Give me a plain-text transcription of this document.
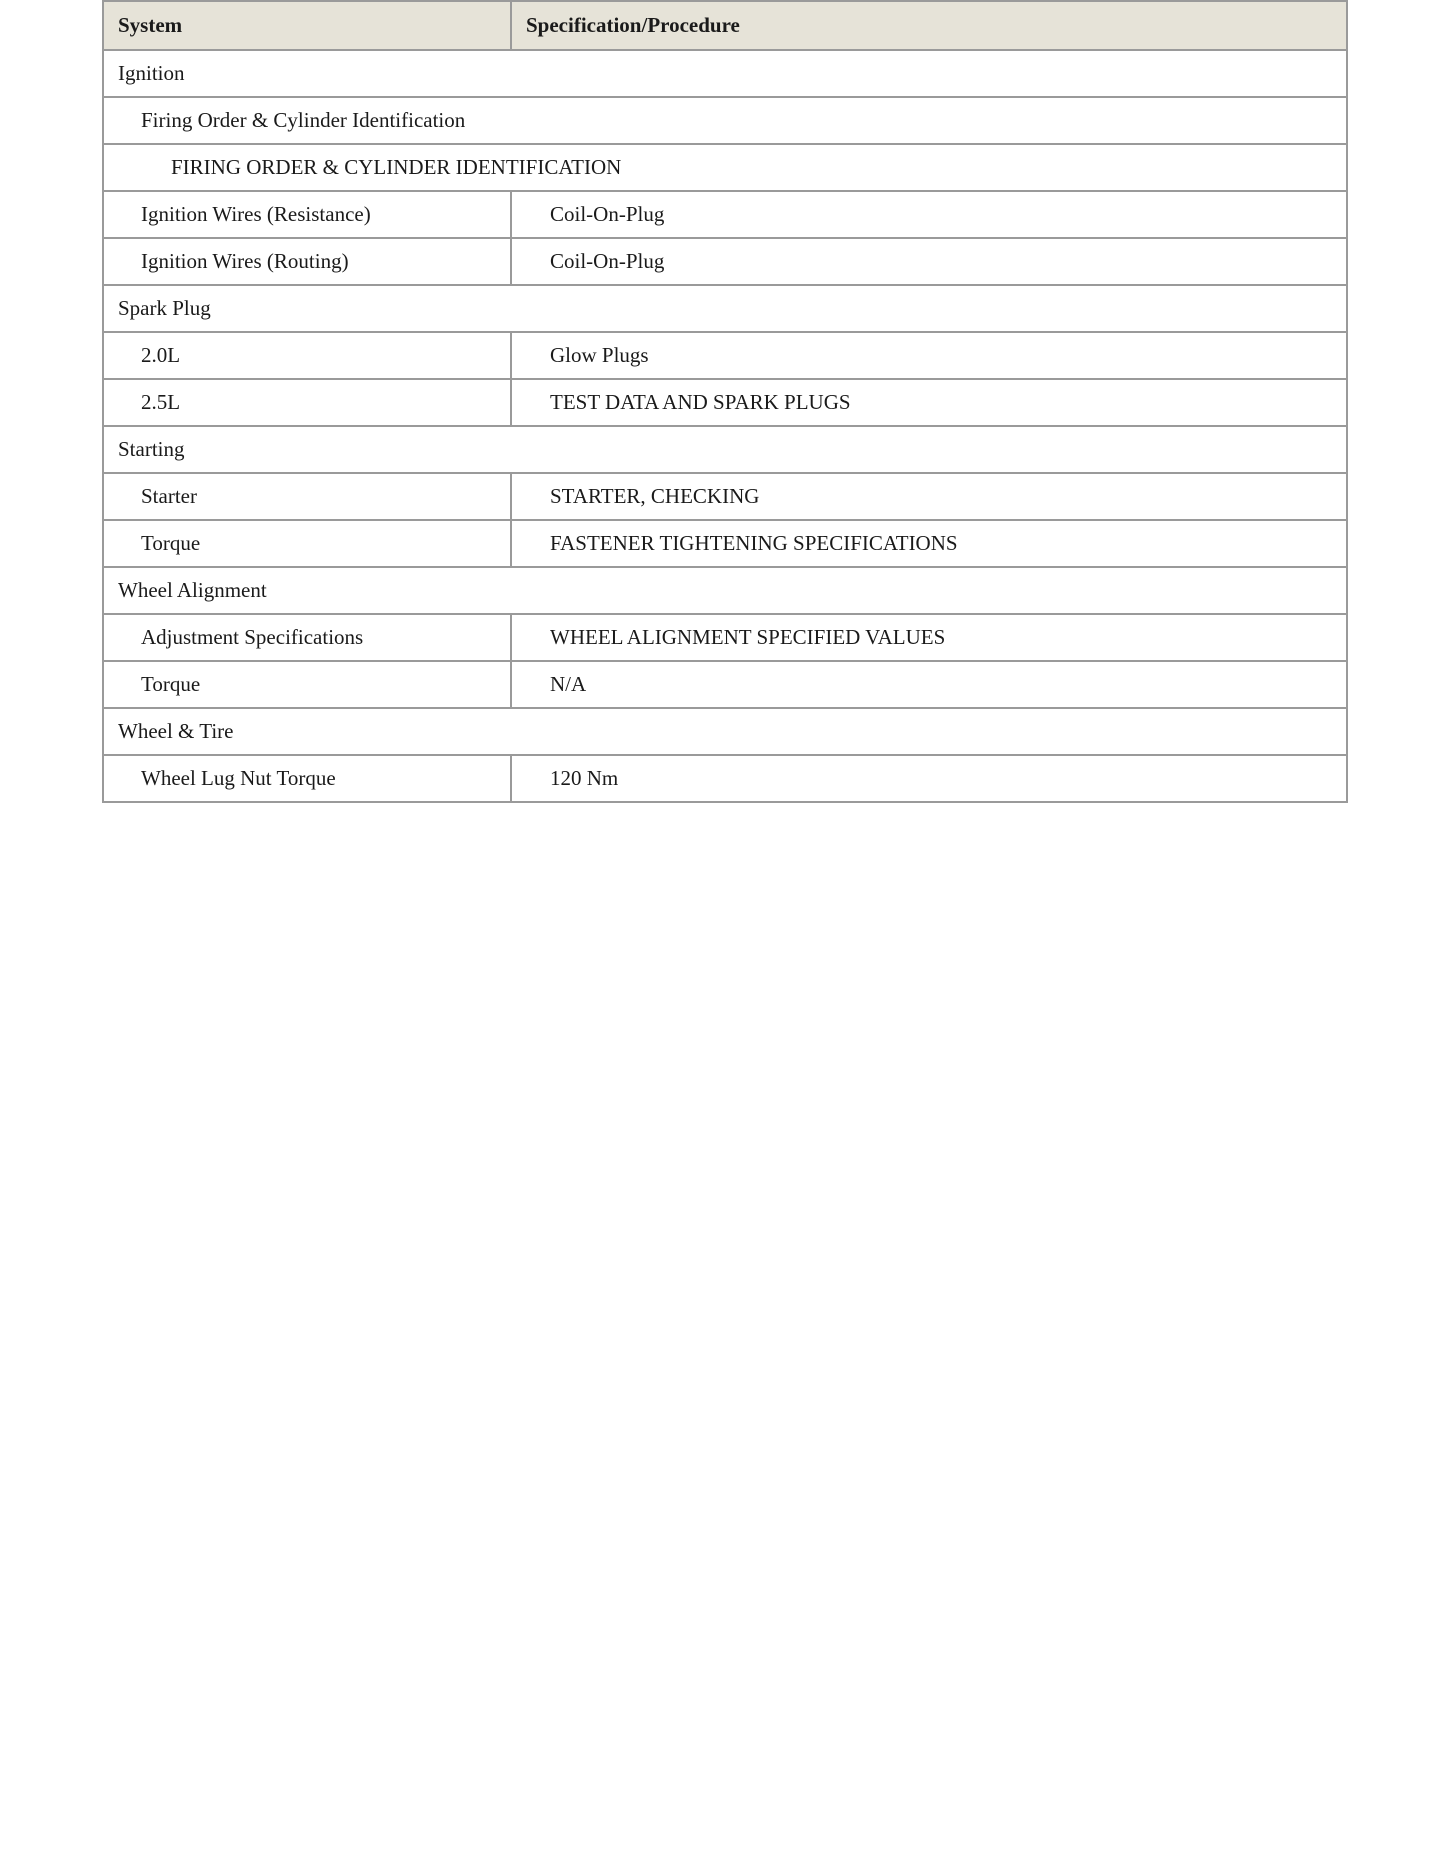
System	Specification/Procedure
Ignition	
Firing Order & Cylinder Identification	
FIRING ORDER & CYLINDER IDENTIFICATION	
Ignition Wires (Resistance)	Coil-On-Plug
Ignition Wires (Routing)	Coil-On-Plug
Spark Plug	
2.0L	Glow Plugs
2.5L	TEST DATA AND SPARK PLUGS
Starting	
Starter	STARTER, CHECKING
Torque	FASTENER TIGHTENING SPECIFICATIONS
Wheel Alignment	
Adjustment Specifications	WHEEL ALIGNMENT SPECIFIED VALUES
Torque	N/A
Wheel & Tire	
Wheel Lug Nut Torque	120 Nm
